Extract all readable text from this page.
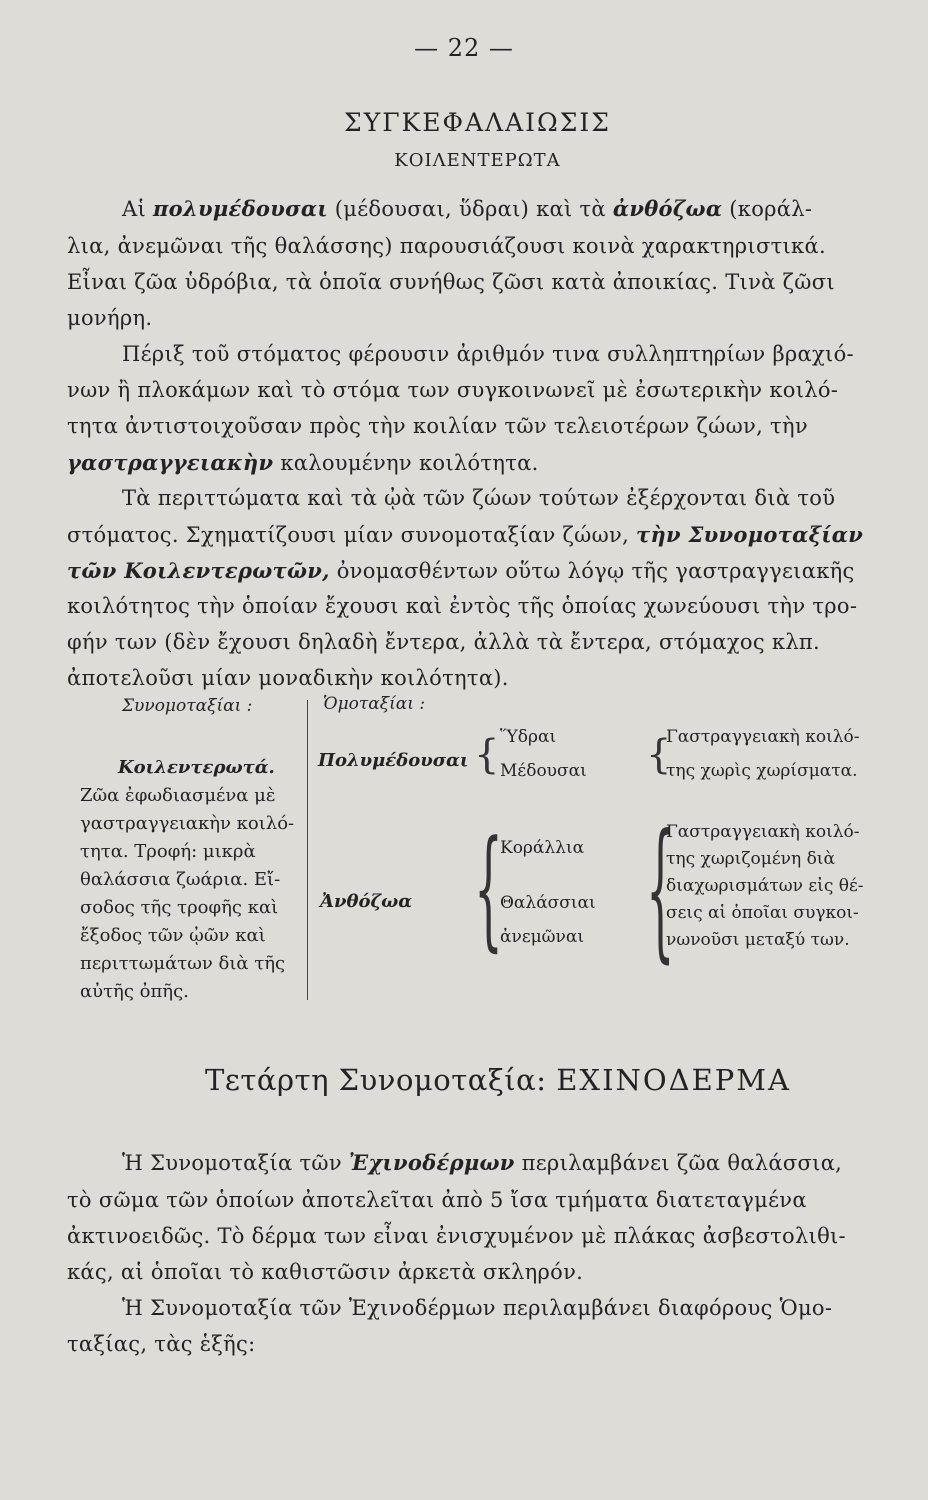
— 22 —
ΣΥΓΚΕΦΑΛΑΙΩΣΙΣ
ΚΟΙΛΕΝΤΕΡΩΤΑ
Αἱ πολυμέδουσαι (μέδουσαι, ὕδραι) καὶ τὰ ἀνθόζωα (κοράλ-
λια, ἀνεμῶναι τῆς θαλάσσης) παρουσιάζουσι κοινὰ χαρακτηριστικά.
Εἶναι ζῶα ὑδρόβια, τὰ ὁποῖα συνήθως ζῶσι κατὰ ἀποικίας. Τινὰ ζῶσι
μονήρη.
Πέριξ τοῦ στόματος φέρουσιν ἀριθμόν τινα συλληπτηρίων βραχιό-
νων ἢ πλοκάμων καὶ τὸ στόμα των συγκοινωνεῖ μὲ ἐσωτερικὴν κοιλό-
τητα ἀντιστοιχοῦσαν πρὸς τὴν κοιλίαν τῶν τελειοτέρων ζώων, τὴν
γαστραγγειακὴν καλουμένην κοιλότητα.
Τὰ περιττώματα καὶ τὰ ᾠὰ τῶν ζώων τούτων ἐξέρχονται διὰ τοῦ
στόματος. Σχηματίζουσι μίαν συνομοταξίαν ζώων, τὴν Συνομοταξίαν
τῶν Κοιλεντερωτῶν, ὀνομασθέντων οὕτω λόγῳ τῆς γαστραγγειακῆς
κοιλότητος τὴν ὁποίαν ἔχουσι καὶ ἐντὸς τῆς ὁποίας χωνεύουσι τὴν τρο-
φήν των (δὲν ἔχουσι δηλαδὴ ἔντερα, ἀλλὰ τὰ ἔντερα, στόμαχος κλπ.
ἀποτελοῦσι μίαν μοναδικὴν κοιλότητα).
Συνομοταξίαι :
Κοιλεντερωτά.
Ζῶα ἐφωδιασμένα μὲ
γαστραγγειακὴν κοιλό-
τητα. Τροφή: μικρὰ
θαλάσσια ζωάρια. Εἴ-
σοδος τῆς τροφῆς καὶ
ἔξοδος τῶν ᾠῶν καὶ
περιττωμάτων διὰ τῆς
αὐτῆς ὀπῆς.
Ὁμοταξίαι :
Πολυμέδουσαι { Ὕδραι
Μέδουσαι {
Γαστραγγειακὴ κοιλό-
της χωρὶς χωρίσματα.
Ἀνθόζωα {
Κοράλλια
Θαλάσσιαι
ἀνεμῶναι {
Γαστραγγειακὴ κοιλό-
της χωριζομένη διὰ
διαχωρισμάτων εἰς θέ-
σεις αἱ ὁποῖαι συγκοι-
νωνοῦσι μεταξύ των.
Τετάρτη Συνομοταξία: ΕΧΙΝΟΔΕΡΜΑ
Ἡ Συνομοταξία τῶν Ἐχινοδέρμων περιλαμβάνει ζῶα θαλάσσια,
τὸ σῶμα τῶν ὁποίων ἀποτελεῖται ἀπὸ 5 ἴσα τμήματα διατεταγμένα
ἀκτινοειδῶς. Τὸ δέρμα των εἶναι ἐνισχυμένον μὲ πλάκας ἀσβεστολιθι-
κάς, αἱ ὁποῖαι τὸ καθιστῶσιν ἀρκετὰ σκληρόν.
Ἡ Συνομοταξία τῶν Ἐχινοδέρμων περιλαμβάνει διαφόρους Ὁμο-
ταξίας, τὰς ἑξῆς:
